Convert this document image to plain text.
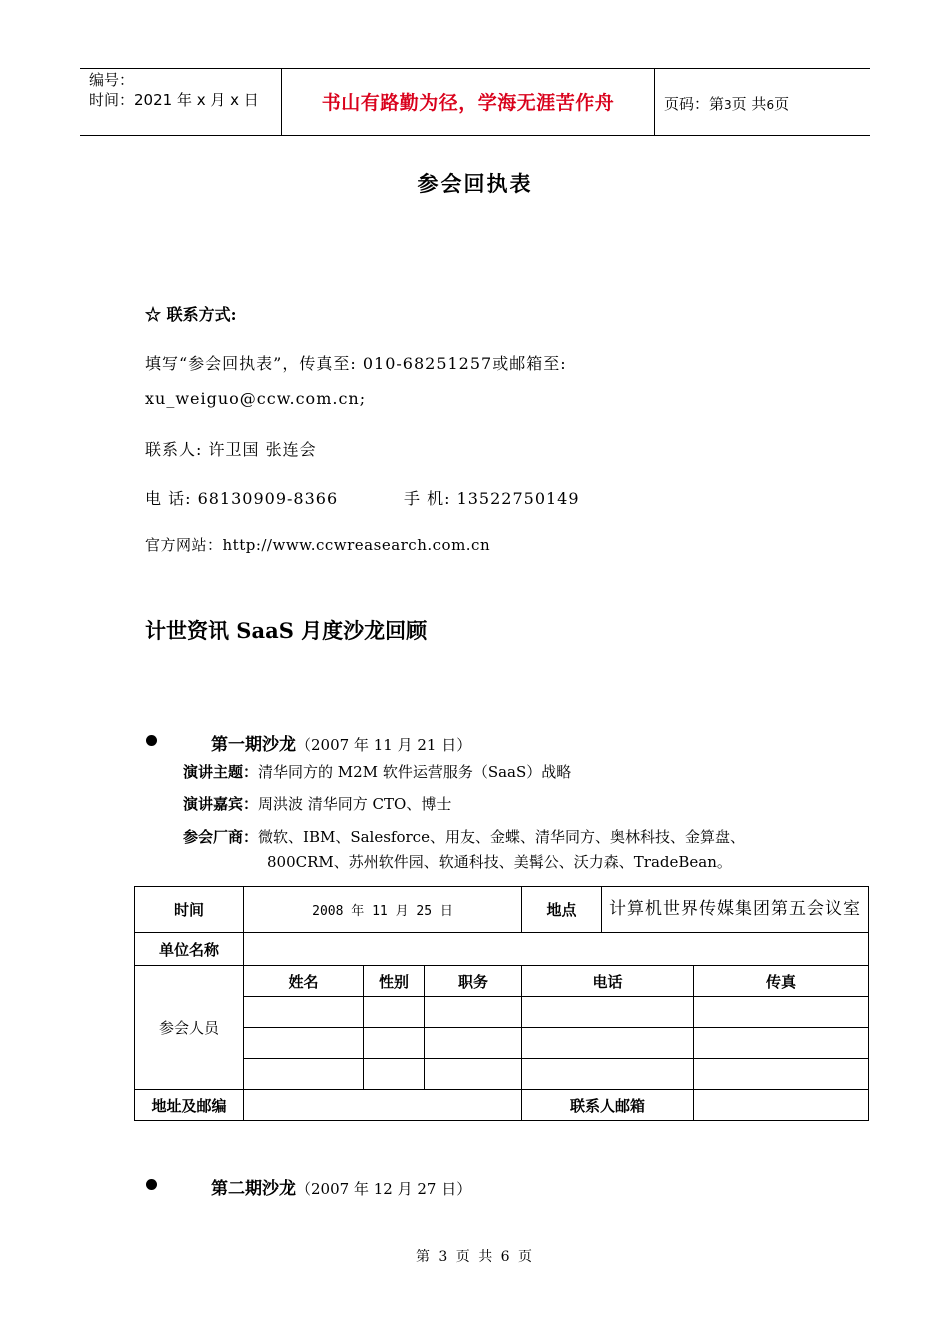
编号：
时间：2021 年 x 月 x 日	书山有路勤为径，学海无涯苦作舟	页码：第3页 共6页
参会回执表
☆ 联系方式:
填写“参会回执表”，传真至: 010-68251257或邮箱至:
xu_weiguo@ccw.com.cn;
联系人: 许卫国 张连会
电 话: 68130909-8366	手 机: 13522750149
官方网站：http://www.ccwreasearch.com.cn
计世资讯 SaaS 月度沙龙回顾
第一期沙龙（2007 年 11 月 21 日）
演讲主题：清华同方的 M2M 软件运营服务（SaaS）战略
演讲嘉宾：周洪波 清华同方 CTO、博士
参会厂商：微软、IBM、Salesforce、用友、金蝶、清华同方、奥林科技、金算盘、
800CRM、苏州软件园、软通科技、美髯公、沃力森、TradeBean。
时间	2008 年 11 月 25 日			地点	计算机世界传媒集团第五会议室	
单位名称						
参会人员	姓名	性别	职务	电话		传真

地址及邮编				联系人邮箱		
第二期沙龙（2007 年 12 月 27 日）
第 3 页 共 6 页
